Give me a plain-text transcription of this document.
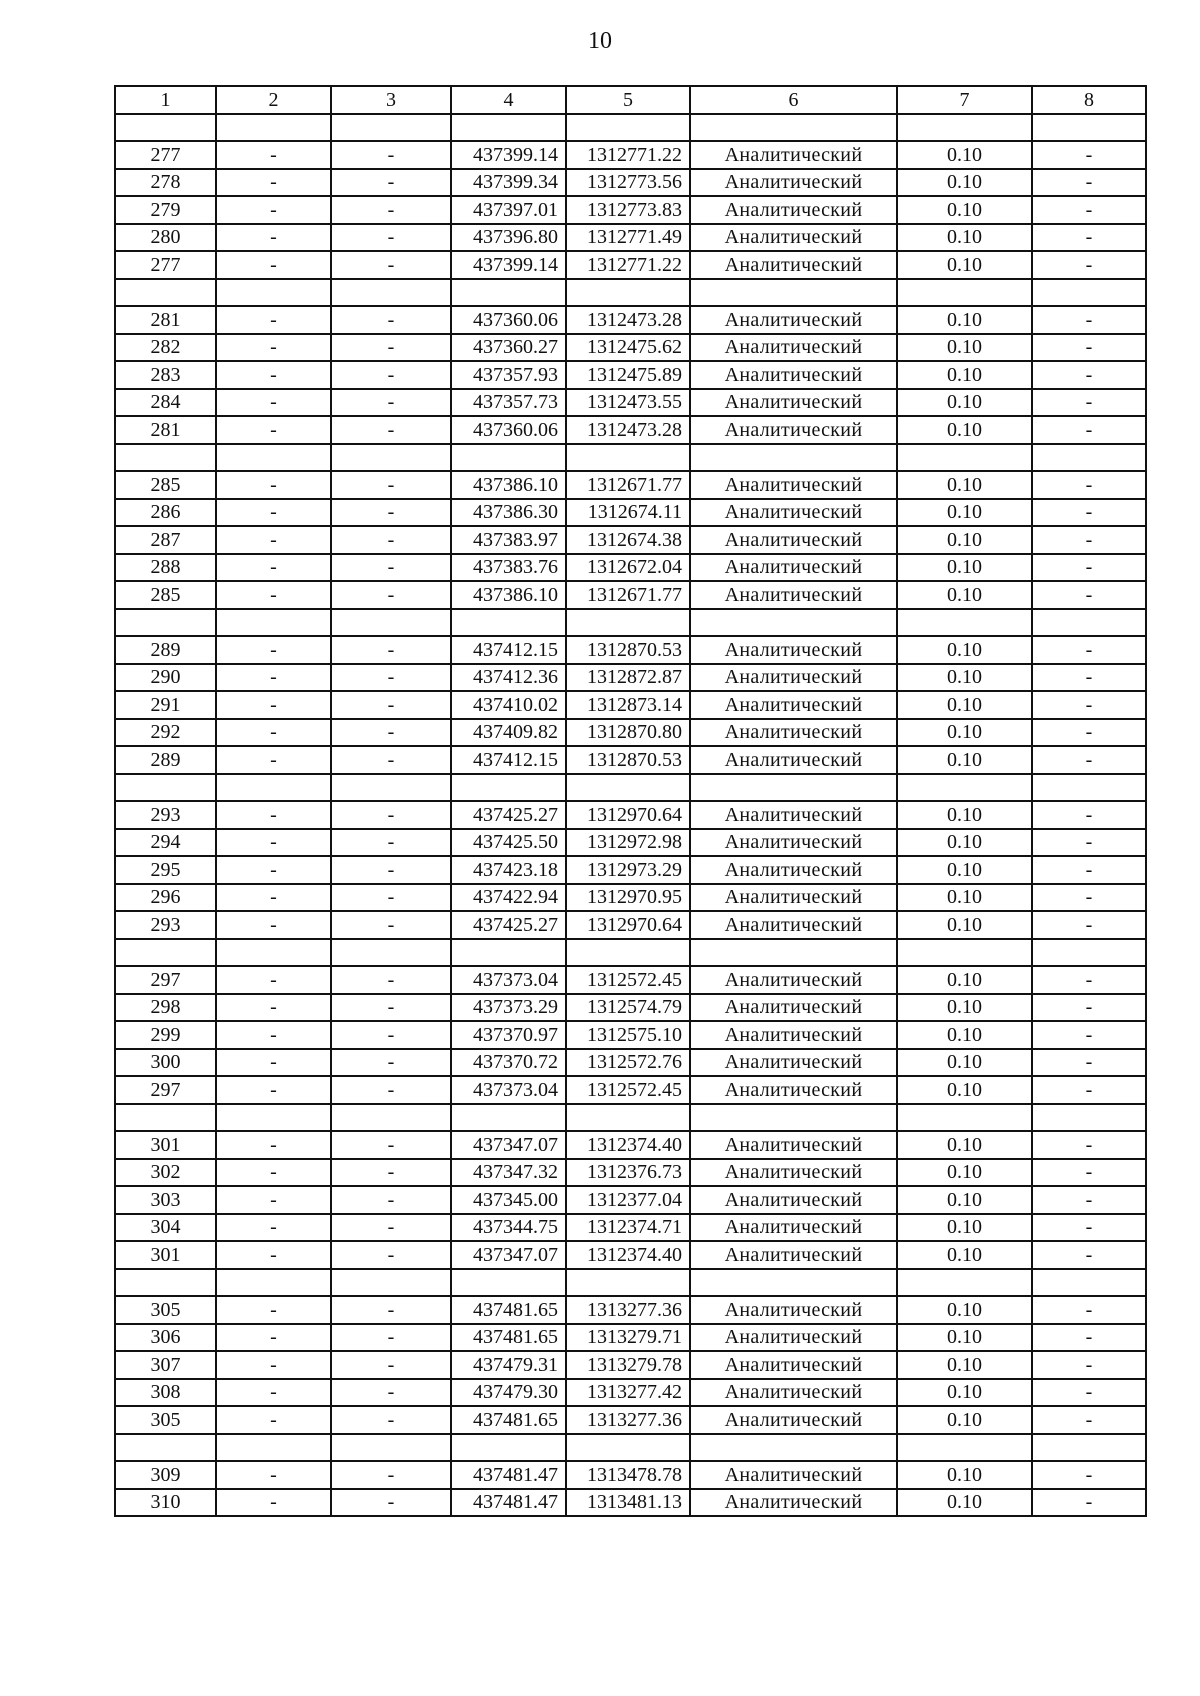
10
1	2	3	4	5	6	7	8

277	-	-	437399.14	1312771.22	Аналитический	0.10	-
278	-	-	437399.34	1312773.56	Аналитический	0.10	-
279	-	-	437397.01	1312773.83	Аналитический	0.10	-
280	-	-	437396.80	1312771.49	Аналитический	0.10	-
277	-	-	437399.14	1312771.22	Аналитический	0.10	-

281	-	-	437360.06	1312473.28	Аналитический	0.10	-
282	-	-	437360.27	1312475.62	Аналитический	0.10	-
283	-	-	437357.93	1312475.89	Аналитический	0.10	-
284	-	-	437357.73	1312473.55	Аналитический	0.10	-
281	-	-	437360.06	1312473.28	Аналитический	0.10	-

285	-	-	437386.10	1312671.77	Аналитический	0.10	-
286	-	-	437386.30	1312674.11	Аналитический	0.10	-
287	-	-	437383.97	1312674.38	Аналитический	0.10	-
288	-	-	437383.76	1312672.04	Аналитический	0.10	-
285	-	-	437386.10	1312671.77	Аналитический	0.10	-

289	-	-	437412.15	1312870.53	Аналитический	0.10	-
290	-	-	437412.36	1312872.87	Аналитический	0.10	-
291	-	-	437410.02	1312873.14	Аналитический	0.10	-
292	-	-	437409.82	1312870.80	Аналитический	0.10	-
289	-	-	437412.15	1312870.53	Аналитический	0.10	-

293	-	-	437425.27	1312970.64	Аналитический	0.10	-
294	-	-	437425.50	1312972.98	Аналитический	0.10	-
295	-	-	437423.18	1312973.29	Аналитический	0.10	-
296	-	-	437422.94	1312970.95	Аналитический	0.10	-
293	-	-	437425.27	1312970.64	Аналитический	0.10	-

297	-	-	437373.04	1312572.45	Аналитический	0.10	-
298	-	-	437373.29	1312574.79	Аналитический	0.10	-
299	-	-	437370.97	1312575.10	Аналитический	0.10	-
300	-	-	437370.72	1312572.76	Аналитический	0.10	-
297	-	-	437373.04	1312572.45	Аналитический	0.10	-

301	-	-	437347.07	1312374.40	Аналитический	0.10	-
302	-	-	437347.32	1312376.73	Аналитический	0.10	-
303	-	-	437345.00	1312377.04	Аналитический	0.10	-
304	-	-	437344.75	1312374.71	Аналитический	0.10	-
301	-	-	437347.07	1312374.40	Аналитический	0.10	-

305	-	-	437481.65	1313277.36	Аналитический	0.10	-
306	-	-	437481.65	1313279.71	Аналитический	0.10	-
307	-	-	437479.31	1313279.78	Аналитический	0.10	-
308	-	-	437479.30	1313277.42	Аналитический	0.10	-
305	-	-	437481.65	1313277.36	Аналитический	0.10	-

309	-	-	437481.47	1313478.78	Аналитический	0.10	-
310	-	-	437481.47	1313481.13	Аналитический	0.10	-
